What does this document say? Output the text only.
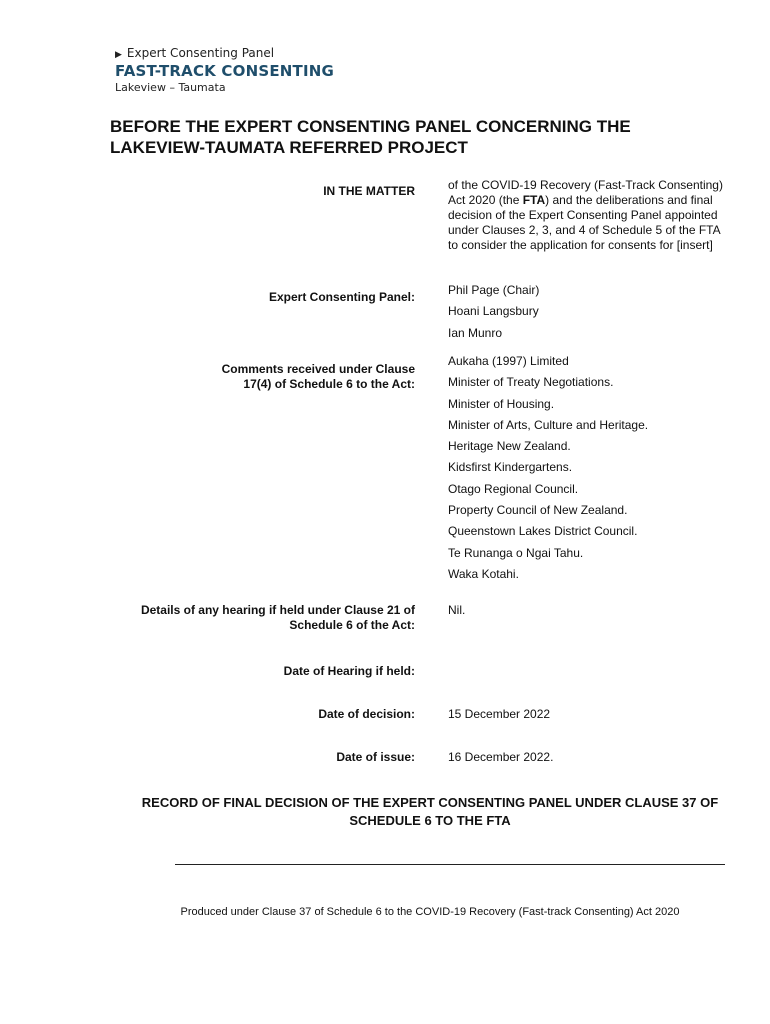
▶ Expert Consenting Panel
FAST-TRACK CONSENTING
Lakeview – Taumata
BEFORE THE EXPERT CONSENTING PANEL CONCERNING THE LAKEVIEW-TAUMATA REFERRED PROJECT
IN THE MATTER	of the COVID-19 Recovery (Fast-Track Consenting) Act 2020 (the FTA) and the deliberations and final decision of the Expert Consenting Panel appointed under Clauses 2, 3, and 4 of Schedule 5 of the FTA to consider the application for consents for [insert]
Expert Consenting Panel:	Phil Page (Chair)
Hoani Langsbury
Ian Munro
Comments received under Clause 17(4) of Schedule 6 to the Act:
Aukaha (1997) Limited
Minister of Treaty Negotiations.
Minister of Housing.
Minister of Arts, Culture and Heritage.
Heritage New Zealand.
Kidsfirst Kindergartens.
Otago Regional Council.
Property Council of New Zealand.
Queenstown Lakes District Council.
Te Runanga o Ngai Tahu.
Waka Kotahi.
Details of any hearing if held under Clause 21 of Schedule 6 of the Act:
Nil.
Date of Hearing if held:
Date of decision:	15 December 2022
Date of issue:	16 December 2022.
RECORD OF FINAL DECISION OF THE EXPERT CONSENTING PANEL UNDER CLAUSE 37 OF SCHEDULE 6 TO THE FTA
Produced under Clause 37 of Schedule 6 to the COVID-19 Recovery (Fast-track Consenting) Act 2020
